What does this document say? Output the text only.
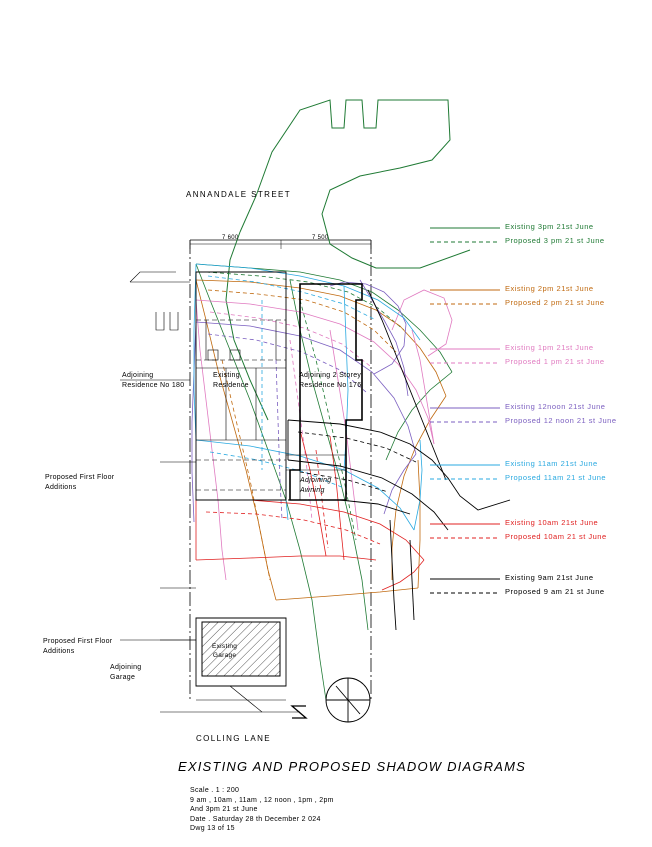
ANNANDALE STREET
COLLING LANE
7 600	7 500
Adjoining
Residence No 180
Existing
Residence
Adjoining 2 Storey
Residence No 176
Adjoining
Awning
Proposed First Floor
Additions
Proposed First Floor
Additions
Adjoining
Garage
Existing
Garage
Existing 3pm 21st June
Proposed 3 pm 21 st June
Existing 2pm 21st June
Proposed 2 pm 21 st June
Existing 1pm 21st June
Proposed 1 pm 21 st June
Existing 12noon 21st June
Proposed 12 noon 21 st June
Existing 11am 21st June
Proposed 11am 21 st June
Existing 10am 21st June
Proposed 10am 21 st June
Existing 9am 21st June
Proposed 9 am 21 st June
EXISTING AND PROPOSED SHADOW DIAGRAMS
Scale . 1 : 200
9 am , 10am , 11am , 12 noon , 1pm , 2pm
And 3pm 21 st June
Date . Saturday 28 th December 2 024
Dwg 13 of 15
